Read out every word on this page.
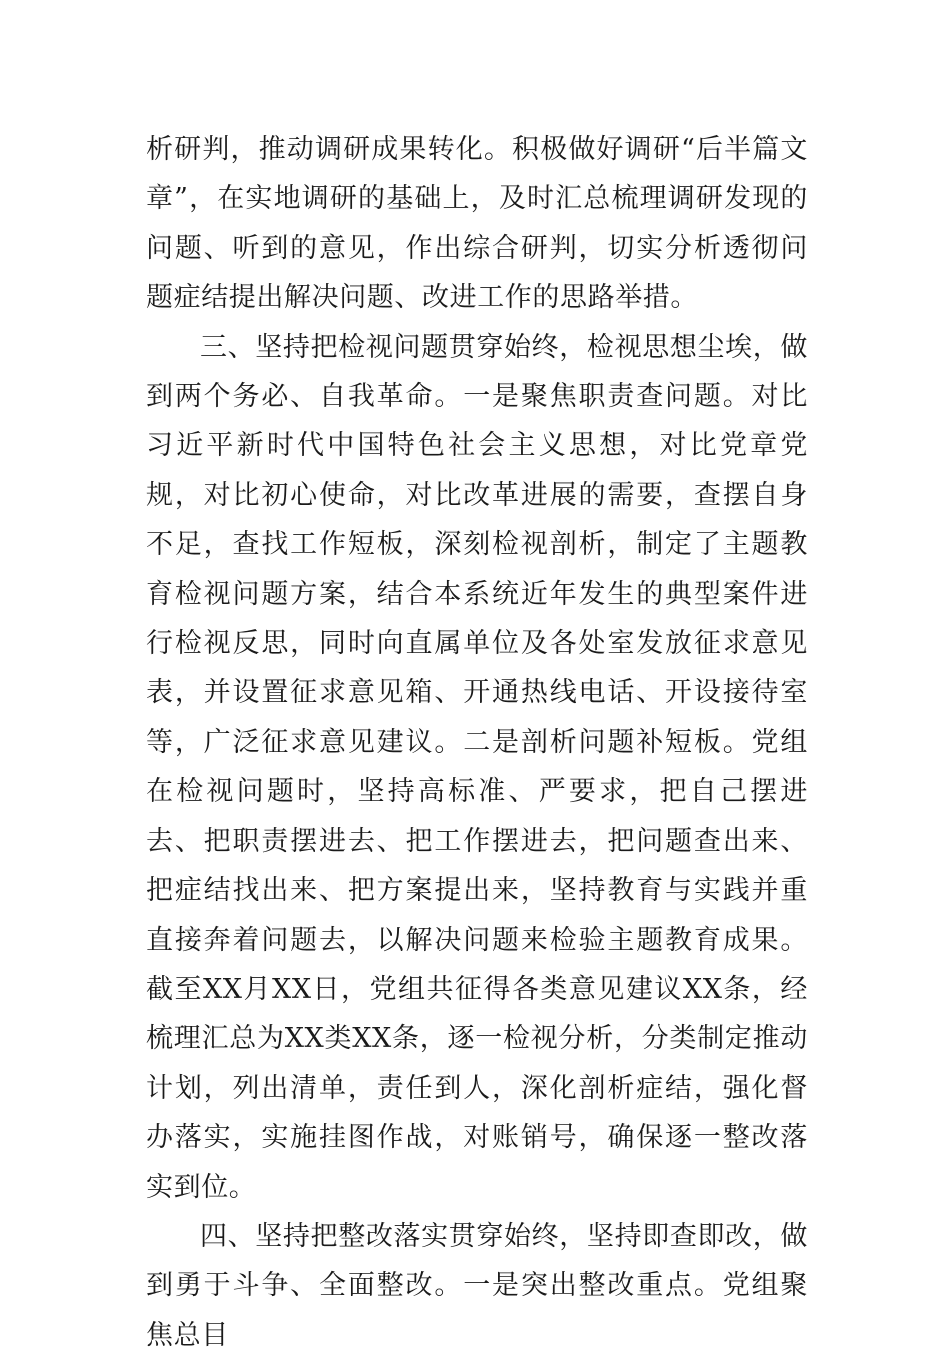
析研判，推动调研成果转化。积极做好调研“后半篇文章”，在实地调研的基础上，及时汇总梳理调研发现的问题、听到的意见，作出综合研判，切实分析透彻问题症结提出解决问题、改进工作的思路举措。

三、坚持把检视问题贯穿始终，检视思想尘埃，做到两个务必、自我革命。一是聚焦职责查问题。对比习近平新时代中国特色社会主义思想，对比党章党规，对比初心使命，对比改革进展的需要，查摆自身不足，查找工作短板，深刻检视剖析，制定了主题教育检视问题方案，结合本系统近年发生的典型案件进行检视反思，同时向直属单位及各处室发放征求意见表，并设置征求意见箱、开通热线电话、开设接待室等，广泛征求意见建议。二是剖析问题补短板。党组在检视问题时，坚持高标准、严要求，把自己摆进去、把职责摆进去、把工作摆进去，把问题查出来、把症结找出来、把方案提出来，坚持教育与实践并重直接奔着问题去，以解决问题来检验主题教育成果。截至XX月XX日，党组共征得各类意见建议XX条，经梳理汇总为XX类XX条，逐一检视分析，分类制定推动计划，列出清单，责任到人，深化剖析症结，强化督办落实，实施挂图作战，对账销号，确保逐一整改落实到位。

四、坚持把整改落实贯穿始终，坚持即查即改，做到勇于斗争、全面整改。一是突出整改重点。党组聚焦总目
